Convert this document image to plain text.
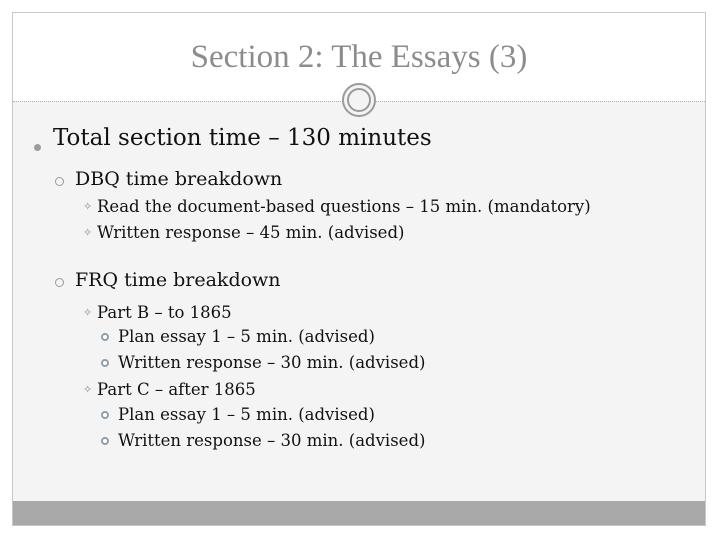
Section 2: The Essays (3)
Total section time – 130 minutes
DBQ time breakdown
✧ Read the document-based questions – 15 min. (mandatory)
✧ Written response – 45 min. (advised)
FRQ time breakdown
✧ Part B – to 1865
Plan essay 1 – 5 min. (advised)
Written response – 30 min. (advised)
✧ Part C – after 1865
Plan essay 1 – 5 min. (advised)
Written response – 30 min. (advised)
